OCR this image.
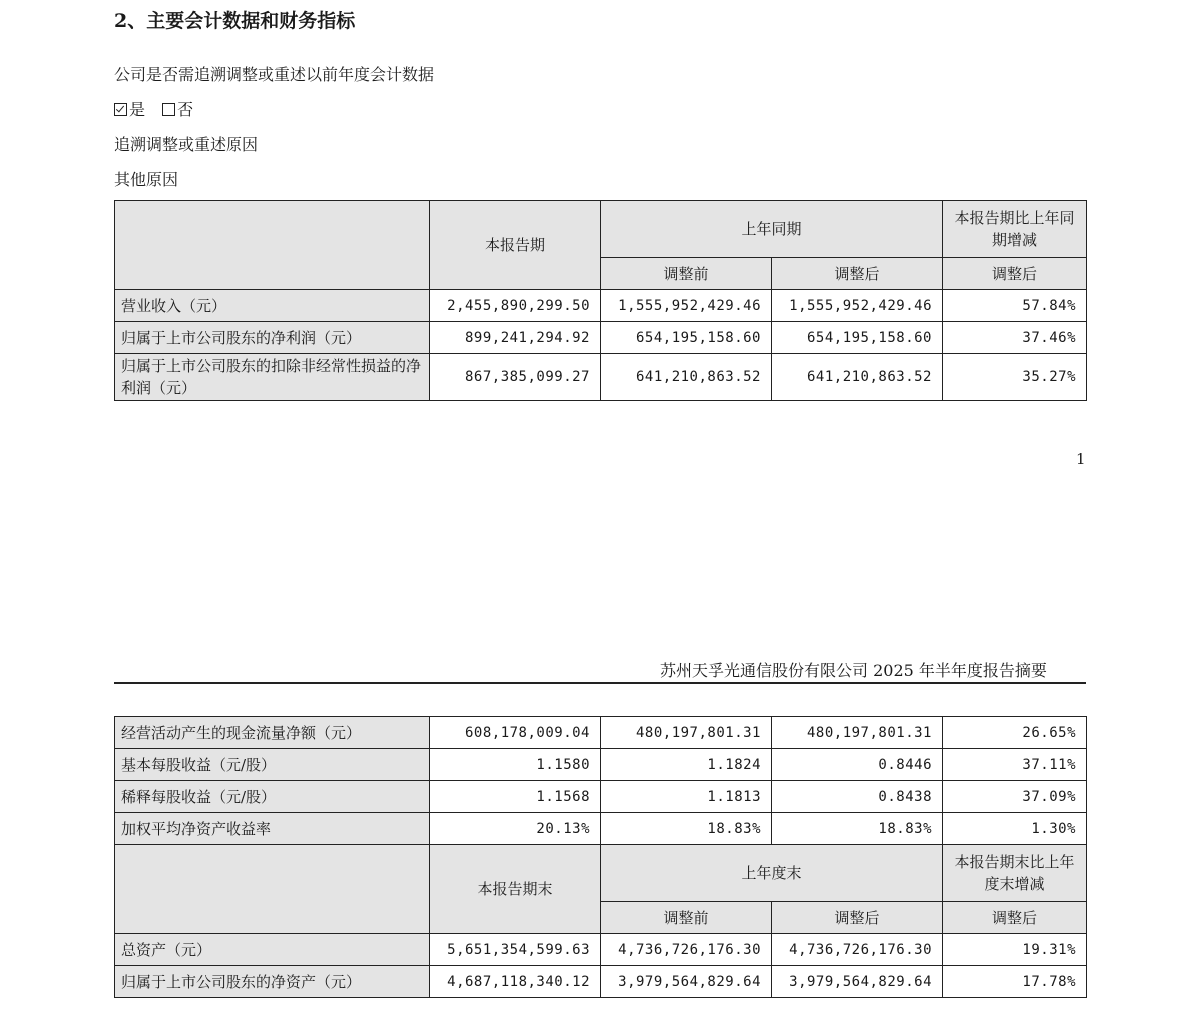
2、主要会计数据和财务指标
公司是否需追溯调整或重述以前年度会计数据
是 否
追溯调整或重述原因
其他原因
	本报告期	上年同期		本报告期比上年同期增减
		调整前	调整后	调整后
营业收入（元）	2,455,890,299.50	1,555,952,429.46	1,555,952,429.46	57.84%
归属于上市公司股东的净利润（元）	899,241,294.92	654,195,158.60	654,195,158.60	37.46%
归属于上市公司股东的扣除非经常性损益的净利润（元）	867,385,099.27	641,210,863.52	641,210,863.52	35.27%
1
苏州天孚光通信股份有限公司 2025 年半年度报告摘要
经营活动产生的现金流量净额（元）	608,178,009.04	480,197,801.31	480,197,801.31	26.65%
基本每股收益（元/股）	1.1580	1.1824	0.8446	37.11%
稀释每股收益（元/股）	1.1568	1.1813	0.8438	37.09%
加权平均净资产收益率	20.13%	18.83%	18.83%	1.30%
	本报告期末	上年度末		本报告期末比上年度末增减
		调整前	调整后	调整后
总资产（元）	5,651,354,599.63	4,736,726,176.30	4,736,726,176.30	19.31%
归属于上市公司股东的净资产（元）	4,687,118,340.12	3,979,564,829.64	3,979,564,829.64	17.78%
